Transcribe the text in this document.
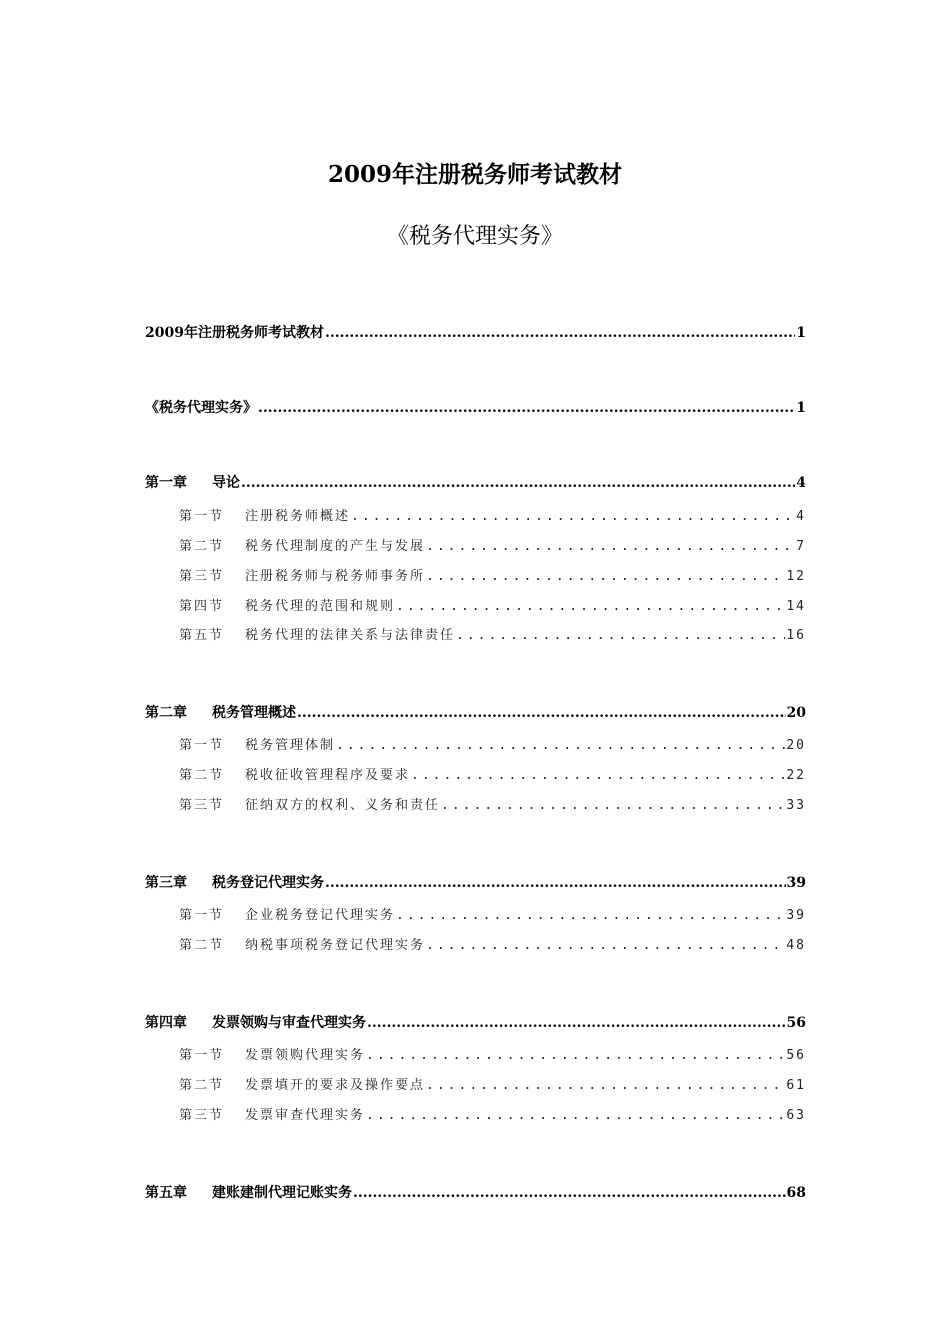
2009年注册税务师考试教材
《税务代理实务》
2009年注册税务师考试教材 .....	1
《税务代理实务》 .....	1
第一章 导论 .....	4
第一节 注册税务师概述 .....	4
第二节 税务代理制度的产生与发展 .....	7
第三节 注册税务师与税务师事务所 .....	12
第四节 税务代理的范围和规则 .....	14
第五节 税务代理的法律关系与法律责任 .....	16
第二章 税务管理概述 .....	20
第一节 税务管理体制 .....	20
第二节 税收征收管理程序及要求 .....	22
第三节 征纳双方的权利、义务和责任 .....	33
第三章 税务登记代理实务 .....	39
第一节 企业税务登记代理实务 .....	39
第二节 纳税事项税务登记代理实务 .....	48
第四章 发票领购与审查代理实务 .....	56
第一节 发票领购代理实务 .....	56
第二节 发票填开的要求及操作要点 .....	61
第三节 发票审查代理实务 .....	63
第五章 建账建制代理记账实务 .....	68
